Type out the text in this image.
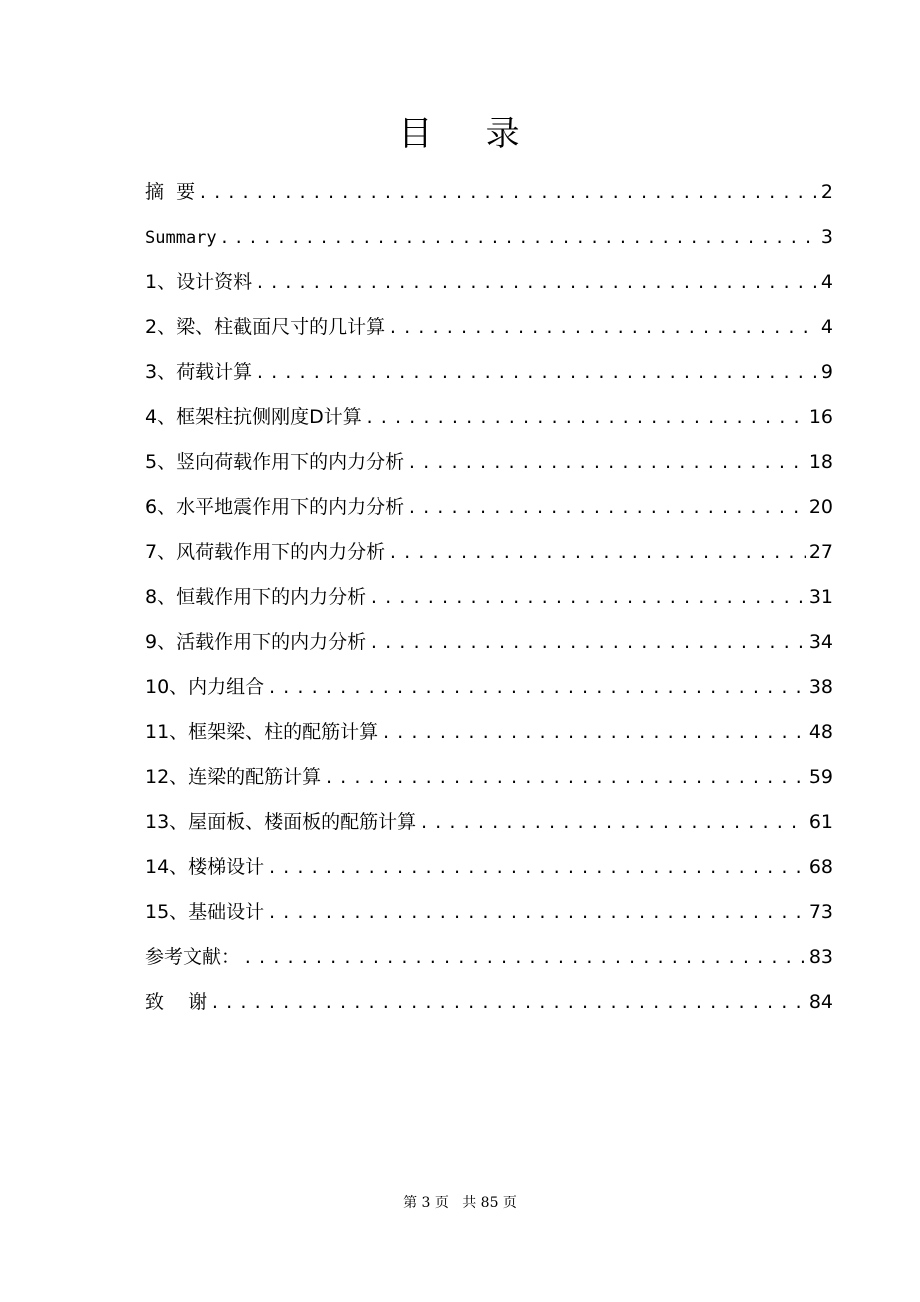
目    录
摘  要 .....	2
Summary .....	3
1、设计资料 .....	4
2、梁、柱截面尺寸的几计算 .....	4
3、荷载计算 .....	9
4、框架柱抗侧刚度D计算 .....	16
5、竖向荷载作用下的内力分析 .....	18
6、水平地震作用下的内力分析 .....	20
7、风荷载作用下的内力分析 .....	27
8、恒载作用下的内力分析 .....	31
9、活载作用下的内力分析 .....	34
10、内力组合 .....	38
11、框架梁、柱的配筋计算 .....	48
12、连梁的配筋计算 .....	59
13、屋面板、楼面板的配筋计算 .....	61
14、楼梯设计 .....	68
15、基础设计 .....	73
参考文献： .....	83
致    谢 .....	84
第 3 页   共 85 页
